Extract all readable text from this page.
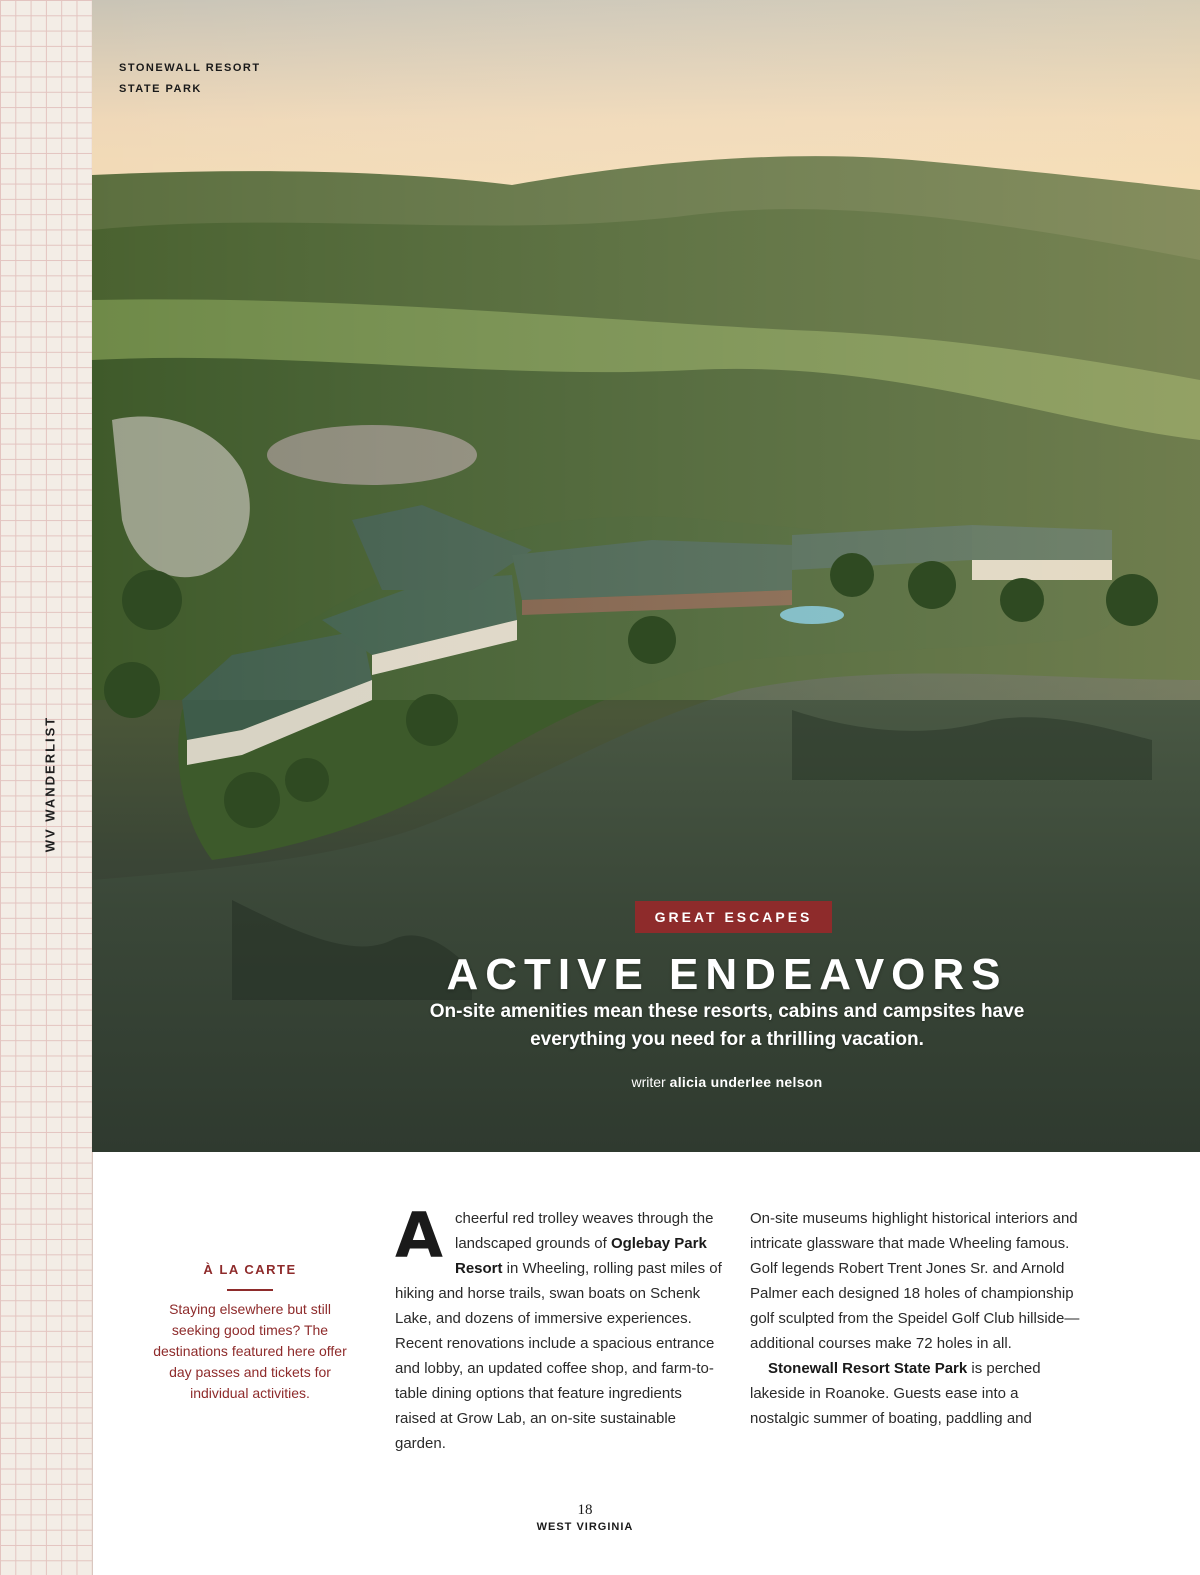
WV WANDERLIST
STONEWALL RESORT
STATE PARK
GREAT ESCAPES
ACTIVE ENDEAVORS
On-site amenities mean these resorts, cabins and campsites have everything you need for a thrilling vacation.
writer alicia underlee nelson
À LA CARTE
Staying elsewhere but still seeking good times? The destinations featured here offer day passes and tickets for individual activities.
A cheerful red trolley weaves through the landscaped grounds of Oglebay Park Resort in Wheeling, rolling past miles of hiking and horse trails, swan boats on Schenk Lake, and dozens of immersive experiences. Recent renovations include a spacious entrance and lobby, an updated coffee shop, and farm-to-table dining options that feature ingredients raised at Grow Lab, an on-site sustainable garden.

On-site museums highlight historical interiors and intricate glassware that made Wheeling famous. Golf legends Robert Trent Jones Sr. and Arnold Palmer each designed 18 holes of championship golf sculpted from the Speidel Golf Club hillside—additional courses make 72 holes in all.

Stonewall Resort State Park is perched lakeside in Roanoke. Guests ease into a nostalgic summer of boating, paddling and

18
WEST VIRGINIA
